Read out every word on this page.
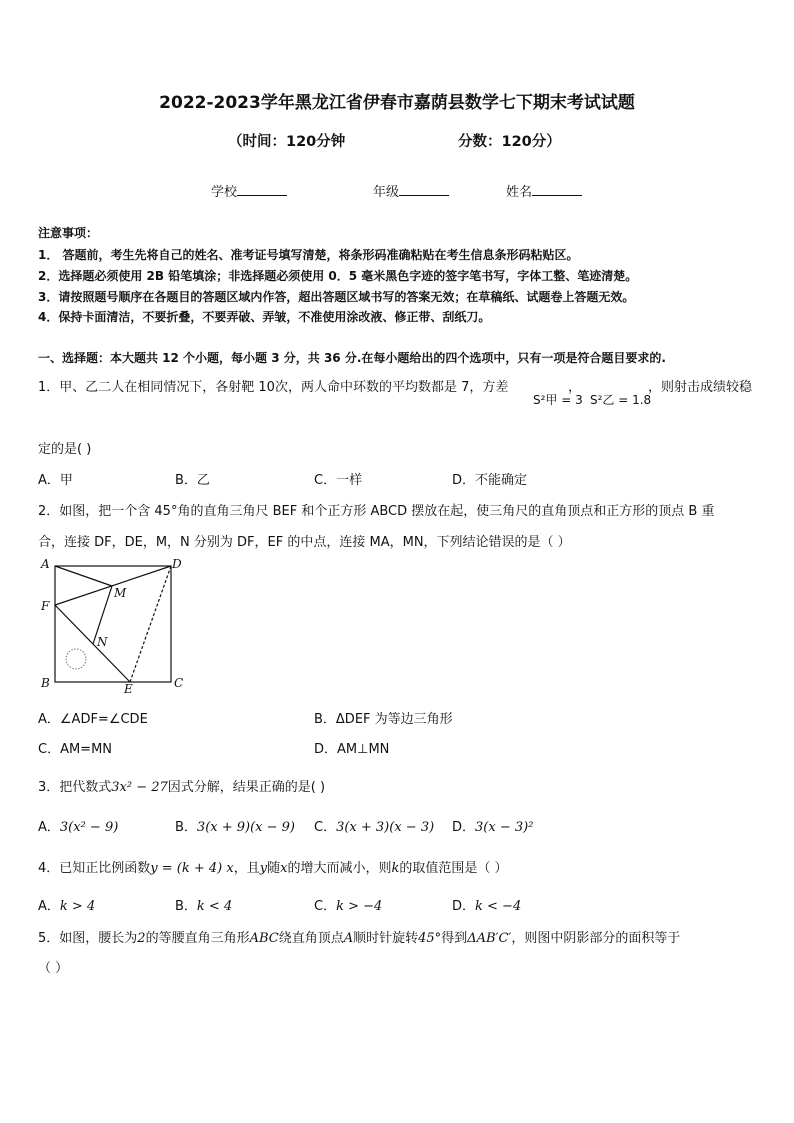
2022-2023学年黑龙江省伊春市嘉荫县数学七下期末考试试题
（时间：120分钟	分数：120分）
学校	年级	姓名
注意事项：
1． 答题前，考生先将自己的姓名、准考证号填写清楚，将条形码准确粘贴在考生信息条形码粘贴区。
2．选择题必须使用 2B 铅笔填涂；非选择题必须使用 0．5 毫米黑色字迹的签字笔书写，字体工整、笔迹清楚。
3．请按照题号顺序在各题目的答题区域内作答，超出答题区域书写的答案无效；在草稿纸、试题卷上答题无效。
4．保持卡面清洁，不要折叠，不要弄破、弄皱，不准使用涂改液、修正带、刮纸刀。
一、选择题：本大题共 12 个小题，每小题 3 分，共 36 分.在每小题给出的四个选项中，只有一项是符合题目要求的.
1．甲、乙二人在相同情况下，各射靶 10次，两人命中环数的平均数都是 7，方差
S²甲 = 3
，
S²乙 = 1.8
，则射击成绩较稳
定的是( )
A．甲	B．乙	C．一样	D．不能确定
2．如图，把一个含 45°角的直角三角尺 BEF 和个正方形 ABCD 摆放在起，使三角尺的直角顶点和正方形的顶点 B 重
合，连接 DF，DE，M，N 分别为 DF，EF 的中点，连接 MA，MN，下列结论错误的是（ ）
A	D
F
M
N
B	E	C
A．∠ADF=∠CDE	B．ΔDEF 为等边三角形
C．AM=MN	D．AM⊥MN
3．把代数式3x² − 27因式分解，结果正确的是( )
A．3(x² − 9)	B．3(x + 9)(x − 9) C．3(x + 3)(x − 3) D．3(x − 3)²
4．已知正比例函数y = (k + 4) x，且y随x的增大而减小，则k的取值范围是（ ）
A．k > 4	B．k < 4	C．k > −4	D．k < −4
5．如图，腰长为2的等腰直角三角形ABC绕直角顶点A顺时针旋转45°得到ΔAB′C′，则图中阴影部分的面积等于
（ ）
